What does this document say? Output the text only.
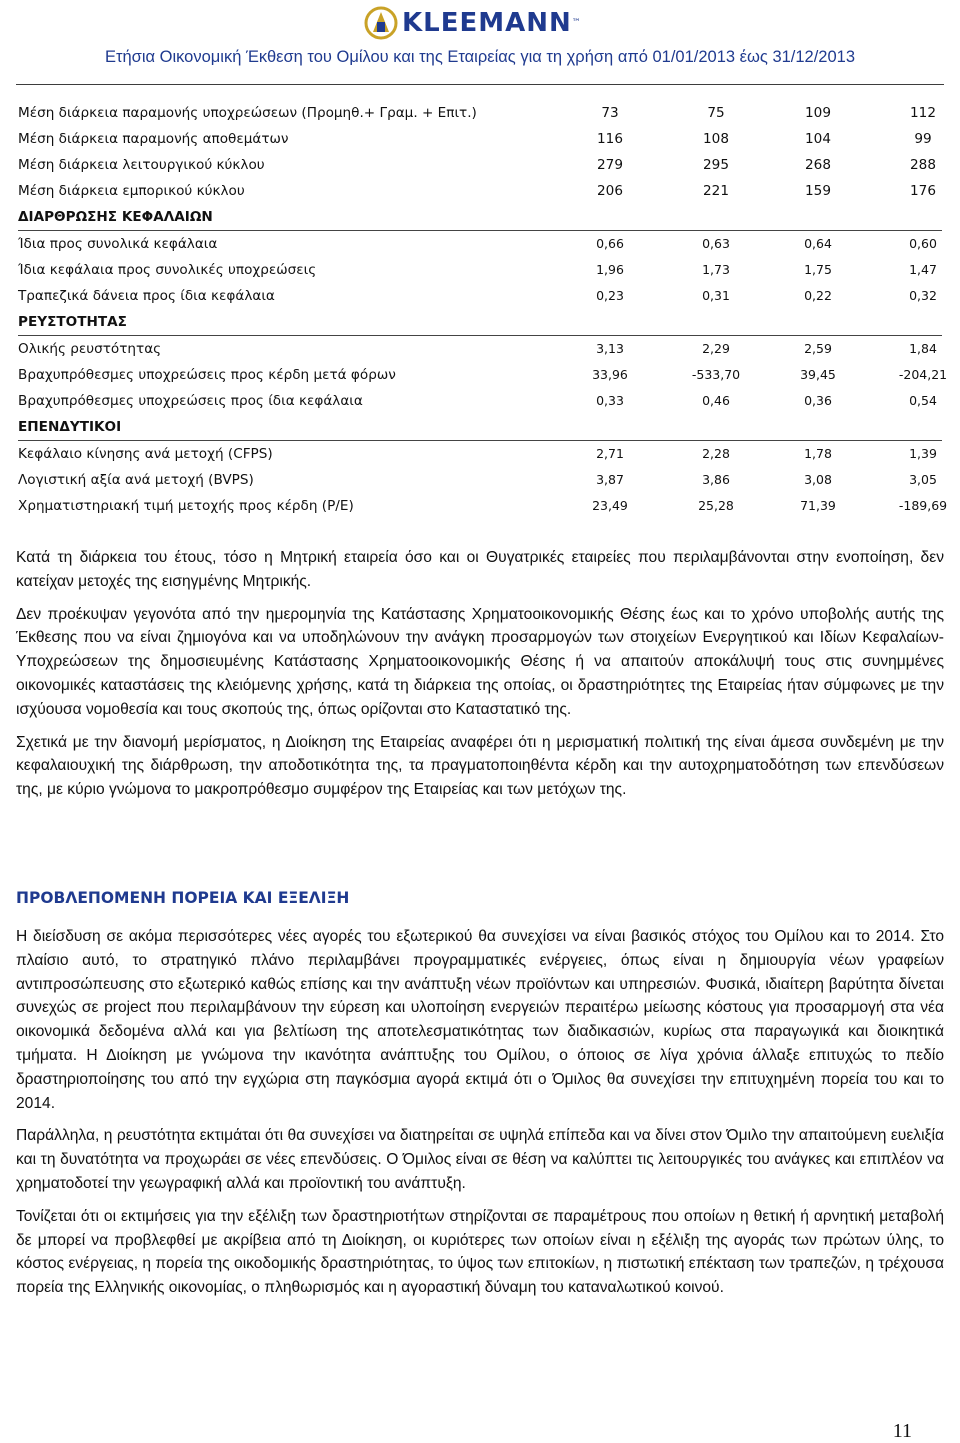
KLEEMANN ™
Ετήσια Οικονομική Έκθεση του Ομίλου και της Εταιρείας για τη χρήση από 01/01/2013 έως 31/12/2013
Μέση διάρκεια παραμονής υποχρεώσεων (Προμηθ.+ Γραμ. + Επιτ.)	73	75	109	112
Μέση διάρκεια παραμονής αποθεμάτων	116	108	104	99
Μέση διάρκεια λειτουργικού κύκλου	279	295	268	288
Μέση διάρκεια εμπορικού κύκλου	206	221	159	176
ΔΙΑΡΘΡΩΣΗΣ ΚΕΦΑΛΑΙΩΝ
Ίδια προς συνολικά κεφάλαια	0,66	0,63	0,64	0,60
Ίδια κεφάλαια προς συνολικές υποχρεώσεις	1,96	1,73	1,75	1,47
Τραπεζικά δάνεια προς ίδια κεφάλαια	0,23	0,31	0,22	0,32
ΡΕΥΣΤΟΤΗΤΑΣ
Ολικής ρευστότητας	3,13	2,29	2,59	1,84
Βραχυπρόθεσμες υποχρεώσεις προς κέρδη μετά φόρων	33,96	-533,70	39,45	-204,21
Βραχυπρόθεσμες υποχρεώσεις προς ίδια κεφάλαια	0,33	0,46	0,36	0,54
ΕΠΕΝΔΥΤΙΚΟΙ
Κεφάλαιο κίνησης ανά μετοχή (CFPS)	2,71	2,28	1,78	1,39
Λογιστική αξία ανά μετοχή (BVPS)	3,87	3,86	3,08	3,05
Χρηματιστηριακή τιμή μετοχής προς κέρδη (P/E)	23,49	25,28	71,39	-189,69

Κατά τη διάρκεια του έτους, τόσο η Μητρική εταιρεία όσο και οι Θυγατρικές εταιρείες που περιλαμβάνονται στην ενοποίηση, δεν κατείχαν μετοχές της εισηγμένης Μητρικής.

Δεν προέκυψαν γεγονότα από την ημερομηνία της Κατάστασης Χρηματοοικονομικής Θέσης έως και το χρόνο υποβολής αυτής της Έκθεσης που να είναι ζημιογόνα και να υποδηλώνουν την ανάγκη προσαρμογών των στοιχείων Ενεργητικού και Ιδίων Κεφαλαίων-Υποχρεώσεων της δημοσιευμένης Κατάστασης Χρηματοοικονομικής Θέσης ή να απαιτούν αποκάλυψή τους στις συνημμένες οικονομικές καταστάσεις της κλειόμενης χρήσης, κατά τη διάρκεια της οποίας, οι δραστηριότητες της Εταιρείας ήταν σύμφωνες με την ισχύουσα νομοθεσία και τους σκοπούς της, όπως ορίζονται στο Καταστατικό της.

Σχετικά με την διανομή μερίσματος, η Διοίκηση της Εταιρείας αναφέρει ότι η μερισματική πολιτική της είναι άμεσα συνδεμένη με την κεφαλαιουχική της διάρθρωση, την αποδοτικότητα της, τα πραγματοποιηθέντα κέρδη και την αυτοχρηματοδότηση των επενδύσεων της, με κύριο γνώμονα το μακροπρόθεσμο συμφέρον της Εταιρείας και των μετόχων της.

ΠΡΟΒΛΕΠΟΜΕΝΗ ΠΟΡΕΙΑ ΚΑΙ ΕΞΕΛΙΞΗ

Η διείσδυση σε ακόμα περισσότερες νέες αγορές του εξωτερικού θα συνεχίσει να είναι βασικός στόχος του Ομίλου και το 2014. Στο πλαίσιο αυτό, το στρατηγικό πλάνο περιλαμβάνει προγραμματικές ενέργειες, όπως είναι η δημιουργία νέων γραφείων αντιπροσώπευσης στο εξωτερικό καθώς επίσης και την ανάπτυξη νέων προϊόντων και υπηρεσιών. Φυσικά, ιδιαίτερη βαρύτητα δίνεται συνεχώς σε project που περιλαμβάνουν την εύρεση και υλοποίηση ενεργειών περαιτέρω μείωσης κόστους για προσαρμογή στα νέα οικονομικά δεδομένα αλλά και για βελτίωση της αποτελεσματικότητας των διαδικασιών, κυρίως στα παραγωγικά και διοικητικά τμήματα. Η Διοίκηση με γνώμονα την ικανότητα ανάπτυξης του Ομίλου, ο όποιος σε λίγα χρόνια άλλαξε επιτυχώς το πεδίο δραστηριοποίησης του από την εγχώρια στη παγκόσμια αγορά εκτιμά ότι ο Όμιλος θα συνεχίσει την επιτυχημένη πορεία του και το 2014.

Παράλληλα, η ρευστότητα εκτιμάται ότι θα συνεχίσει να διατηρείται σε υψηλά επίπεδα και να δίνει στον Όμιλο την απαιτούμενη ευελιξία και τη δυνατότητα να προχωράει σε νέες επενδύσεις. Ο Όμιλος είναι σε θέση να καλύπτει τις λειτουργικές του ανάγκες και επιπλέον να χρηματοδοτεί την γεωγραφική αλλά και προϊοντική του ανάπτυξη.

Τονίζεται ότι οι εκτιμήσεις για την εξέλιξη των δραστηριοτήτων στηρίζονται σε παραμέτρους που οποίων η θετική ή αρνητική μεταβολή δε μπορεί να προβλεφθεί με ακρίβεια από τη Διοίκηση, οι κυριότερες των οποίων είναι η εξέλιξη της αγοράς των πρώτων ύλης, το κόστος ενέργειας, η πορεία της οικοδομικής δραστηριότητας, το ύψος των επιτοκίων, η πιστωτική επέκταση των τραπεζών, η τρέχουσα πορεία της Ελληνικής οικονομίας, ο πληθωρισμός και η αγοραστική δύναμη του καταναλωτικού κοινού.

11
